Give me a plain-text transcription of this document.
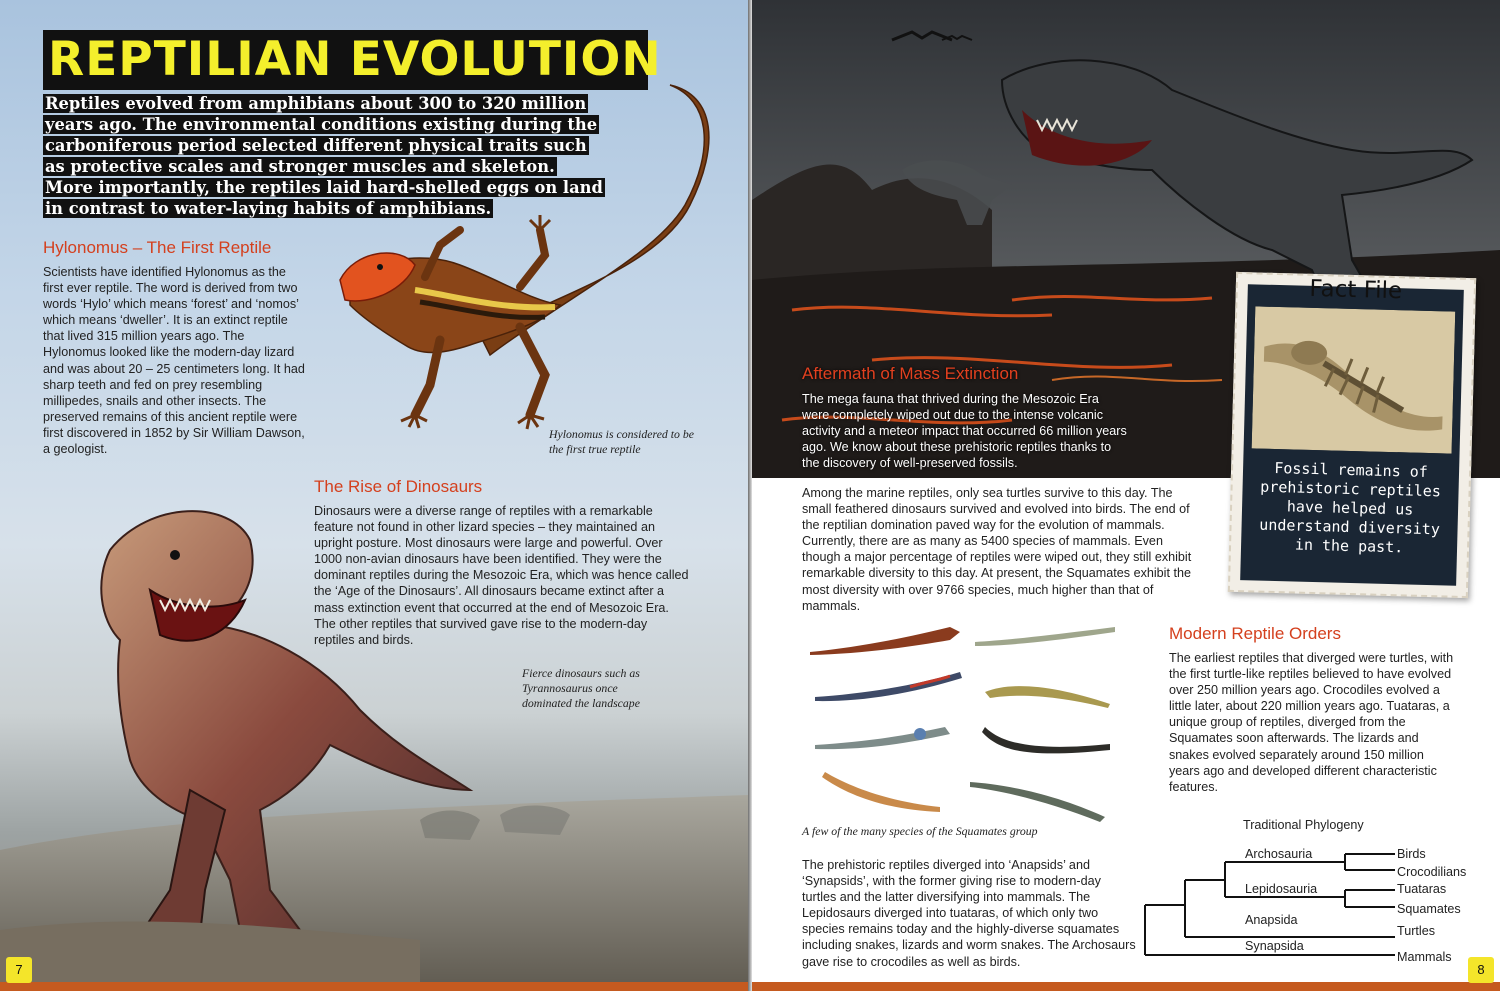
REPTILIAN EVOLUTION
Reptiles evolved from amphibians about 300 to 320 million years ago. The environmental conditions existing during the carboniferous period selected different physical traits such as protective scales and stronger muscles and skeleton. More importantly, the reptiles laid hard-shelled eggs on land in contrast to water-laying habits of amphibians.
Hylonomus – The First Reptile
Scientists have identified Hylonomus as the first ever reptile. The word is derived from two words ‘Hylo’ which means ‘forest’ and ‘nomos’ which means ‘dweller’. It is an extinct reptile that lived 315 million years ago. The Hylonomus looked like the modern-day lizard and was about 20 – 25 centimeters long. It had sharp teeth and fed on prey resembling millipedes, snails and other insects. The preserved remains of this ancient reptile were first discovered in 1852 by Sir William Dawson, a geologist.
Hylonomus is considered to be the first true reptile
The Rise of Dinosaurs
Dinosaurs were a diverse range of reptiles with a remarkable feature not found in other lizard species – they maintained an upright posture. Most dinosaurs were large and powerful. Over 1000 non-avian dinosaurs have been identified. They were the dominant reptiles during the Mesozoic Era, which was hence called the ‘Age of the Dinosaurs’. All dinosaurs became extinct after a mass extinction event that occurred at the end of Mesozoic Era. The other reptiles that survived gave rise to the modern-day reptiles and birds.
Fierce dinosaurs such as Tyrannosaurus once dominated the landscape
Aftermath of Mass Extinction
The mega fauna that thrived during the Mesozoic Era were completely wiped out due to the intense volcanic activity and a meteor impact that occurred 66 million years ago. We know about these prehistoric reptiles thanks to the discovery of well-preserved fossils.
Among the marine reptiles, only sea turtles survive to this day. The small feathered dinosaurs survived and evolved into birds. The end of the reptilian domination paved way for the evolution of mammals. Currently, there are as many as 5400 species of mammals. Even though a major percentage of reptiles were wiped out, they still exhibit remarkable diversity to this day. At present, the Squamates exhibit the most diversity with over 9766 species, much higher than that of mammals.
Fact File
Fossil remains of prehistoric reptiles have helped us understand diversity in the past.
A few of the many species of the Squamates group
Modern Reptile Orders
The earliest reptiles that diverged were turtles, with the first turtle-like reptiles believed to have evolved over 250 million years ago. Crocodiles evolved a little later, about 220 million years ago. Tuataras, a unique group of reptiles, diverged from the Squamates soon afterwards. The lizards and snakes evolved separately around 150 million years ago and developed different characteristic features.
The prehistoric reptiles diverged into ‘Anapsids’ and ‘Synapsids’, with the former giving rise to modern-day turtles and the latter diversifying into mammals. The Lepidosaurs diverged into tuataras, of which only two species remains today and the highly-diverse squamates including snakes, lizards and worm snakes. The Archosaurs gave rise to crocodiles as well as birds.
Traditional Phylogeny
Archosauria
Lepidosauria
Anapsida
Synapsida
Birds
Crocodilians
Tuataras
Squamates
Turtles
Mammals
7	8
